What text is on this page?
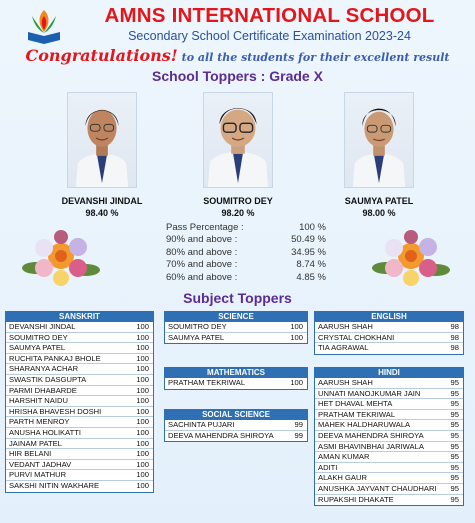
AMNS INTERNATIONAL SCHOOL
Secondary School Certificate Examination 2023-24
Congratulations! to all the students for their excellent result
School Toppers : Grade X
DEVANSHI JINDAL
98.40 %
SOUMITRO DEY
98.20 %
SAUMYA PATEL
98.00 %
Pass Percentage :	100 %
90% and above :	50.49 %
80% and above :	34.95 %
70% and above :	8.74 %
60% and above :	4.85 %
Subject Toppers
SANSKRIT
DEVANSHI JINDAL	100
SOUMITRO DEY	100
SAUMYA PATEL	100
RUCHITA PANKAJ BHOLE	100
SHARANYA ACHAR	100
SWASTIK DASGUPTA	100
PARMI DHABARDE	100
HARSHIT NAIDU	100
HRISHA BHAVESH DOSHI	100
PARTH MENROY	100
ANUSHA HOLIKATTI	100
JAINAM PATEL	100
HIR BELANI	100
VEDANT JADHAV	100
PURVI MATHUR	100
SAKSHI NITIN WAKHARE	100
SCIENCE
SOUMITRO DEY	100
SAUMYA PATEL	100
MATHEMATICS
PRATHAM TEKRIWAL	100
SOCIAL SCIENCE
SACHINTA PUJARI	99
DEEVA MAHENDRA SHIROYA	99
ENGLISH
AARUSH SHAH	98
CRYSTAL CHOKHANI	98
TIA AGRAWAL	98
HINDI
AARUSH SHAH	95
UNNATI MANOJKUMAR JAIN	95
HET DHAVAL MEHTA	95
PRATHAM TEKRIWAL	95
MAHEK HALDHARUWALA	95
DEEVA MAHENDRA SHIROYA	95
ASMI BHAVINBHAI JARIWALA	95
AMAN KUMAR	95
ADITI	95
ALAKH GAUR	95
ANUSHKA JAYVANT CHAUDHARI 95
RUPAKSHI DHAKATE	95
